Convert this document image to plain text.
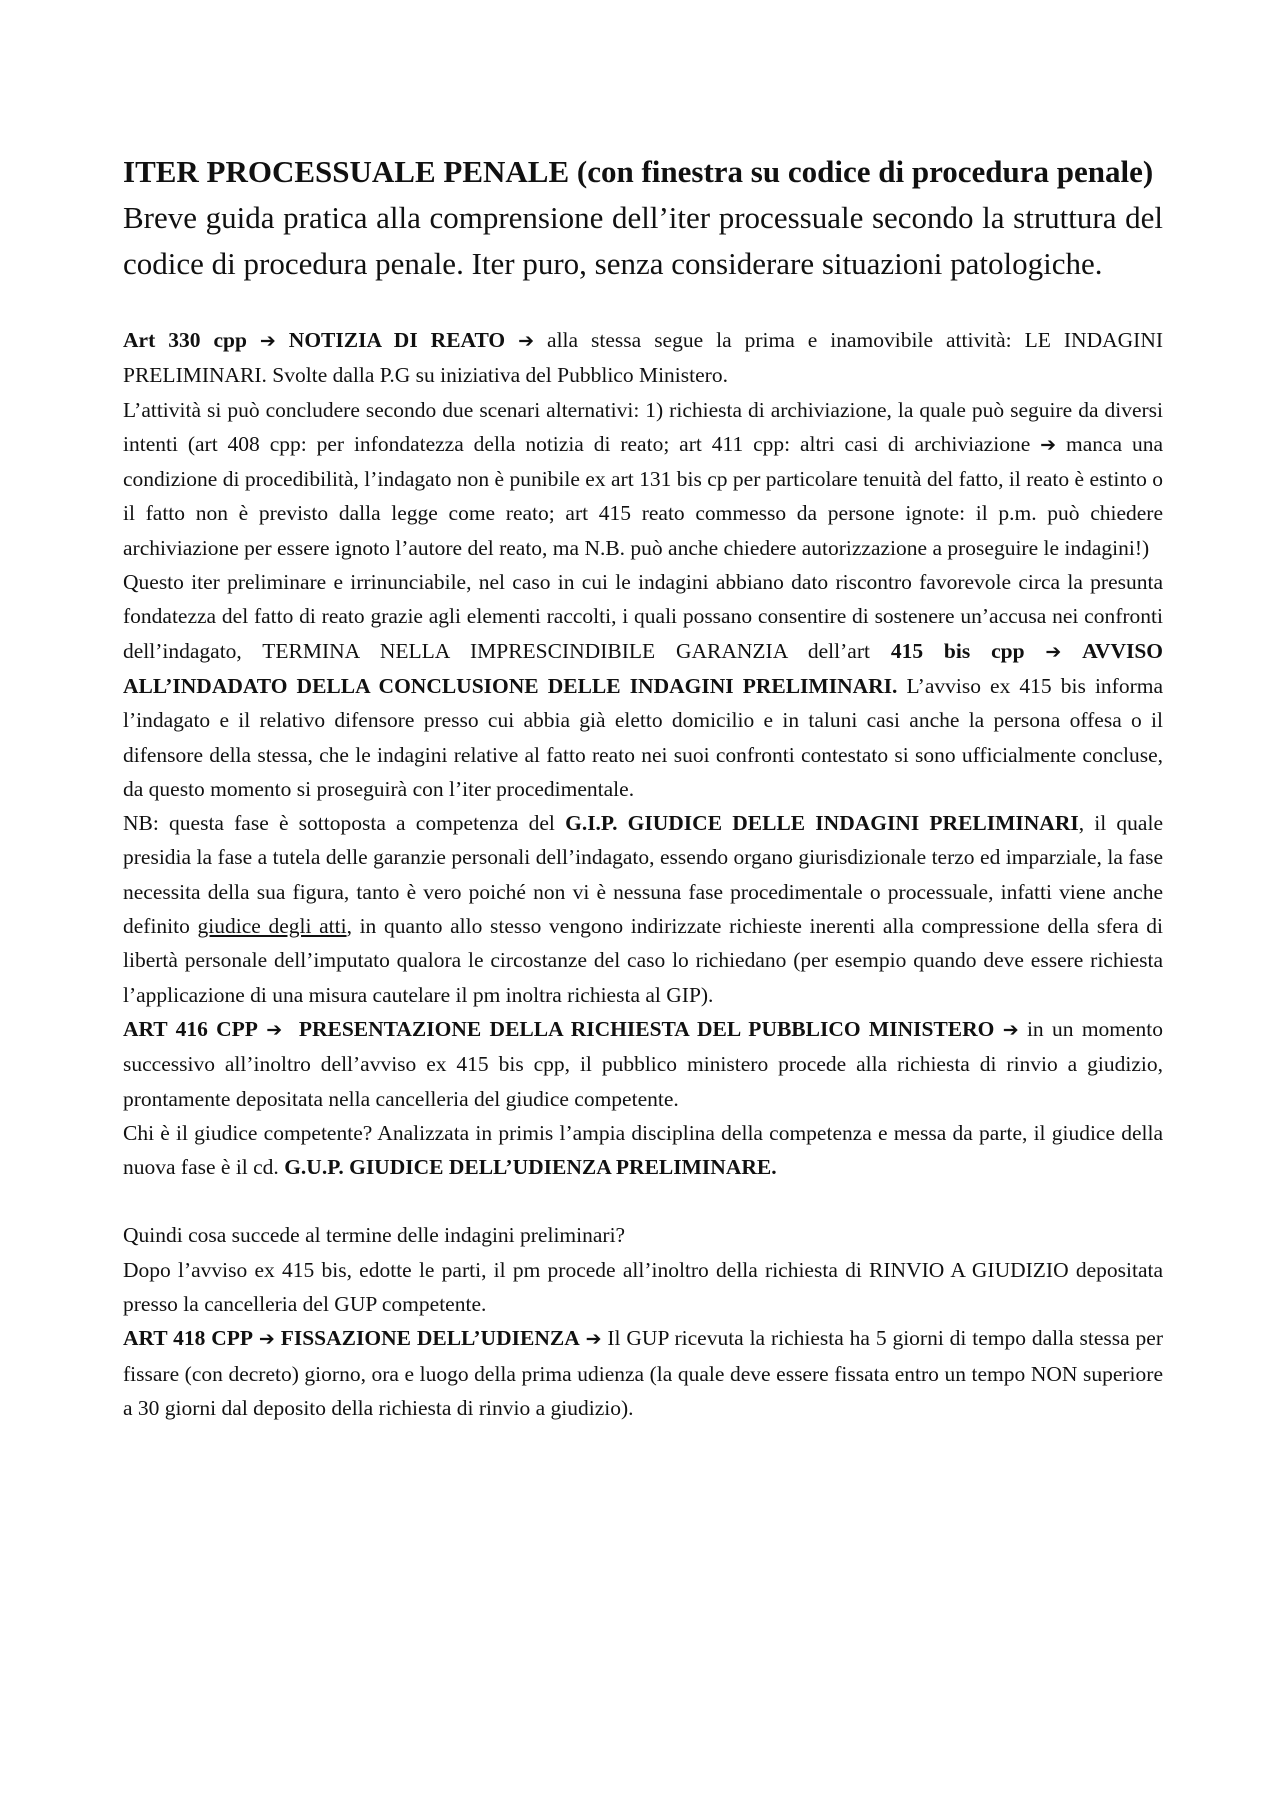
ITER PROCESSUALE PENALE (con finestra su codice di procedura penale)

Breve guida pratica alla comprensione dell’iter processuale secondo la struttura del codice di procedura penale. Iter puro, senza considerare situazioni patologiche.

Art 330 cpp ➔ NOTIZIA DI REATO ➔ alla stessa segue la prima e inamovibile attività: LE INDAGINI PRELIMINARI. Svolte dalla P.G su iniziativa del Pubblico Ministero.

L’attività si può concludere secondo due scenari alternativi: 1) richiesta di archiviazione, la quale può seguire da diversi intenti (art 408 cpp: per infondatezza della notizia di reato; art 411 cpp: altri casi di archiviazione ➔ manca una condizione di procedibilità, l’indagato non è punibile ex art 131 bis cp per particolare tenuità del fatto, il reato è estinto o il fatto non è previsto dalla legge come reato; art 415 reato commesso da persone ignote: il p.m. può chiedere archiviazione per essere ignoto l’autore del reato, ma N.B. può anche chiedere autorizzazione a proseguire le indagini!)

Questo iter preliminare e irrinunciabile, nel caso in cui le indagini abbiano dato riscontro favorevole circa la presunta fondatezza del fatto di reato grazie agli elementi raccolti, i quali possano consentire di sostenere un’accusa nei confronti dell’indagato, TERMINA NELLA IMPRESCINDIBILE GARANZIA dell’art 415 bis cpp ➔ AVVISO ALL’INDADATO DELLA CONCLUSIONE DELLE INDAGINI PRELIMINARI. L’avviso ex 415 bis informa l’indagato e il relativo difensore presso cui abbia già eletto domicilio e in taluni casi anche la persona offesa o il difensore della stessa, che le indagini relative al fatto reato nei suoi confronti contestato si sono ufficialmente concluse, da questo momento si proseguirà con l’iter procedimentale.

NB: questa fase è sottoposta a competenza del G.I.P. GIUDICE DELLE INDAGINI PRELIMINARI, il quale presidia la fase a tutela delle garanzie personali dell’indagato, essendo organo giurisdizionale terzo ed imparziale, la fase necessita della sua figura, tanto è vero poiché non vi è nessuna fase procedimentale o processuale, infatti viene anche definito giudice degli atti, in quanto allo stesso vengono indirizzate richieste inerenti alla compressione della sfera di libertà personale dell’imputato qualora le circostanze del caso lo richiedano (per esempio quando deve essere richiesta l’applicazione di una misura cautelare il pm inoltra richiesta al GIP).

ART 416 CPP ➔ PRESENTAZIONE DELLA RICHIESTA DEL PUBBLICO MINISTERO ➔ in un momento successivo all’inoltro dell’avviso ex 415 bis cpp, il pubblico ministero procede alla richiesta di rinvio a giudizio, prontamente depositata nella cancelleria del giudice competente.

Chi è il giudice competente? Analizzata in primis l’ampia disciplina della competenza e messa da parte, il giudice della nuova fase è il cd. G.U.P. GIUDICE DELL’UDIENZA PRELIMINARE.

Quindi cosa succede al termine delle indagini preliminari?

Dopo l’avviso ex 415 bis, edotte le parti, il pm procede all’inoltro della richiesta di RINVIO A GIUDIZIO depositata presso la cancelleria del GUP competente.

ART 418 CPP ➔ FISSAZIONE DELL’UDIENZA ➔ Il GUP ricevuta la richiesta ha 5 giorni di tempo dalla stessa per fissare (con decreto) giorno, ora e luogo della prima udienza (la quale deve essere fissata entro un tempo NON superiore a 30 giorni dal deposito della richiesta di rinvio a giudizio).
